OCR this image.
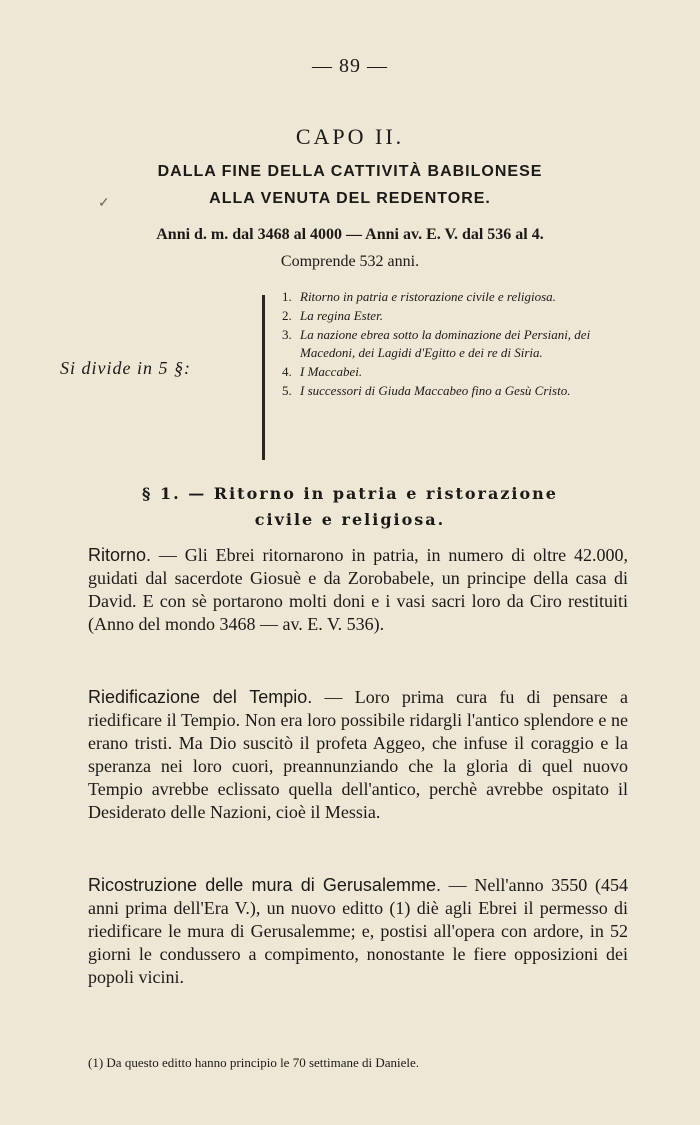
— 89 —
CAPO II.
DALLA FINE DELLA CATTIVITÀ BABILONESE
ALLA VENUTA DEL REDENTORE.
✓
Anni d. m. dal 3468 al 4000 — Anni av. E. V. dal 536 al 4.
Comprende 532 anni.
Si divide in 5 §:
1. Ritorno in patria e ristorazione civile e religiosa.
2. La regina Ester.
3. La nazione ebrea sotto la dominazione dei Persiani, dei Macedoni, dei Lagidi d'Egitto e dei re di Siria.
4. I Maccabei.
5. I successori di Giuda Maccabeo fino a Gesù Cristo.
§ 1. — Ritorno in patria e ristorazione
civile e religiosa.

Ritorno. — Gli Ebrei ritornarono in patria, in numero di oltre 42.000, guidati dal sacerdote Giosuè e da Zorobabele, un principe della casa di David. E con sè portarono molti doni e i vasi sacri loro da Ciro restituiti (Anno del mondo 3468 — av. E. V. 536).

Riedificazione del Tempio. — Loro prima cura fu di pensare a riedificare il Tempio. Non era loro possibile ridargli l'antico splendore e ne erano tristi. Ma Dio suscitò il profeta Aggeo, che infuse il coraggio e la speranza nei loro cuori, preannunziando che la gloria di quel nuovo Tempio avrebbe eclissato quella dell'antico, perchè avrebbe ospitato il Desiderato delle Nazioni, cioè il Messia.

Ricostruzione delle mura di Gerusalemme. — Nell'anno 3550 (454 anni prima dell'Era V.), un nuovo editto (1) diè agli Ebrei il permesso di riedificare le mura di Gerusalemme; e, postisi all'opera con ardore, in 52 giorni le condussero a compimento, nonostante le fiere opposizioni dei popoli vicini.

(1) Da questo editto hanno principio le 70 settimane di Daniele.
